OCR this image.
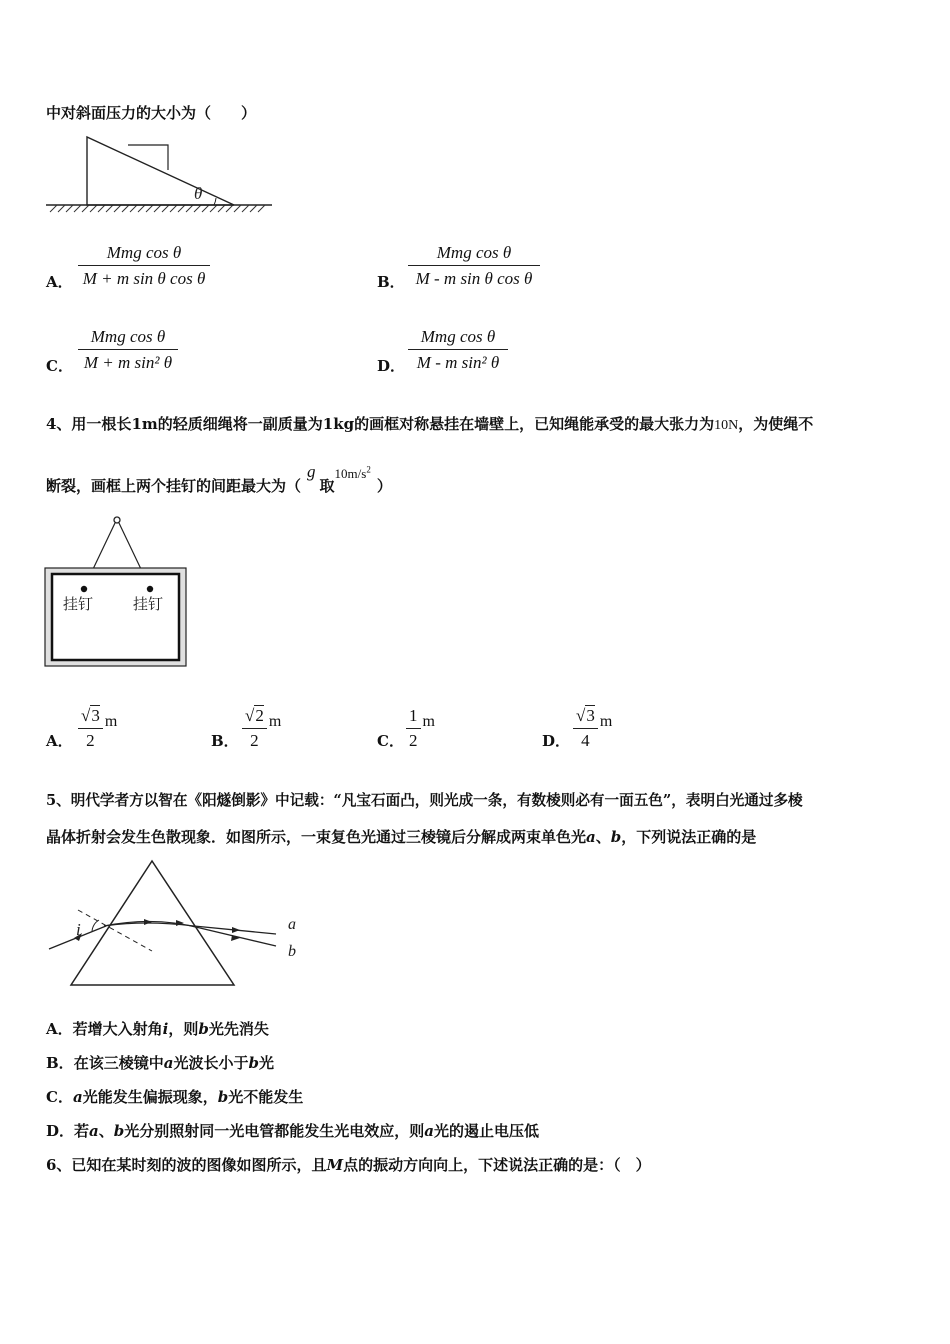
中对斜面压力的大小为（　　）
θ
A．
Mmg cos θ
M + m sin θ cos θ	B．
Mmg cos θ
M - m sin θ cos θ
C．
Mmg cos θ
M + m sin² θ	D．
Mmg cos θ
M - m sin² θ
4、用一根长1m的轻质细绳将一副质量为1kg的画框对称悬挂在墙壁上，已知绳能承受的最大张力为10N，为使绳不
断裂，画框上两个挂钉的间距最大为（g取$10m/s^2$）
挂钉	挂钉
A．
√3
2
m
B．
√2
2
m
C．
1
2
m
D．
√3
4
m
5、明代学者方以智在《阳燧倒影》中记载：“凡宝石面凸，则光成一条，有数棱则必有一面五色”，表明白光通过多棱
晶体折射会发生色散现象．如图所示，一束复色光通过三棱镜后分解成两束单色光a、b，下列说法正确的是
i	a
b
A．若增大入射角i，则b光先消失
B．在该三棱镜中a光波长小于b光
C．a光能发生偏振现象，b光不能发生
D．若a、b光分别照射同一光电管都能发生光电效应，则a光的遏止电压低
6、已知在某时刻的波的图像如图所示，且M点的振动方向向上，下述说法正确的是：（　）
